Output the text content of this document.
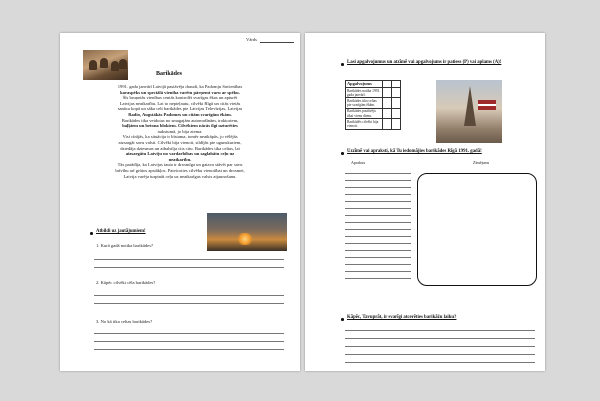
Vārds
Barikādes

1991. gada janvārī Latvijā pastāvēja draudi, ka Padomju Savienības

karaspēks un speciālā vienība varētu pārņemt varu ar spēku.

Šīs bruņotās vienības centās kontrolēt svarīgas ēkas un apturēt

Latvijas neatkarību. Lai to nepieļautu, cilvēki Rīgā un citās vietās

sanāca kopā un sāka celt barikādes pie Latvijas Televīzijas, Latvijas

Radio, Augstākās Padomes un citām svarīgām ēkām.

Barikādes tika veidotas no smagajām automašīnām, traktoriem,

baļķiem un betona blokiem. Cilvēkiem nācās ilgi uzturēties

aukstumā, jo bija ziema.

Visi cīnījās, ka situācija ir bīstama, tomēr neatkāpās, jo vēlējās

aizsargāt savu valsti. Cilvēki bija vienoti, sildījās pie ugunskuriem,

dziedāja dziesmas un atbalstīja cits citu. Barikādes tika celtas, lai

aizsargātu Latviju no vardarbības un saglabātu ceļu uz

neatkarību.

Tās parādīja, ka Latvijas tauta ir drosmīga un gatava stāvēt par savu

brīvību arī grūtos apstākļos. Pateicoties cilvēku vienotībai un drosmei,

Latvija varēja turpināt ceļu uz neatkarīgas valsts atjaunošanu.

Atbildi uz jautājumiem!
1. Kurā gadā notika barikādes?
2. Kāpēc cilvēki cēla barikādes?
3. No kā tika celtas barikādes?
Lasi apgalvojumus un atzīmē vai apgalvojums ir patiess (P) vai aplams (A)!
Apgalvojums		
Barikādes notika 1991. gada janvārī.		
Barikādes tika celtas pie svarīgām ēkām.		
Barikādes pastāvēja tikai vienu dienu.		
Barikādēs cilvēki bija vienoti.		
Uzzīmē vai apraksti, kā Tu iedomājies barikādes Rīgā 1991. gadā!
Apraksts	Zīmējums
Kāpēc, Tavuprāt, ir svarīgi atcerēties barikāžu laiku?
